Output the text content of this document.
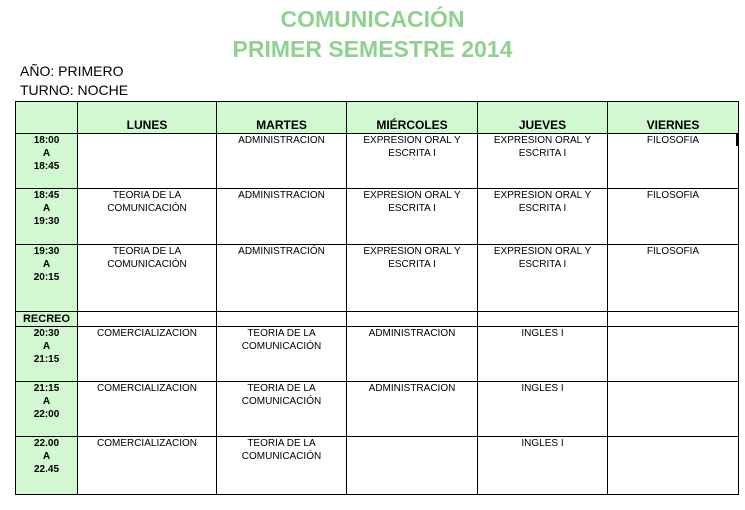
COMUNICACIÓN
PRIMER SEMESTRE 2014

AÑO: PRIMERO

TURNO: NOCHE

	LUNES	MARTES	MIÉRCOLES	JUEVES	VIERNES

18:00
A
18:45		ADMINISTRACION	EXPRESION ORAL Y ESCRITA I	EXPRESION ORAL Y ESCRITA I	FILOSOFIA

18:45
A
19:30	TEORIA DE LA COMUNICACIÓN	ADMINISTRACION	EXPRESION ORAL Y ESCRITA I	EXPRESION ORAL Y ESCRITA I	FILOSOFIA

19:30
A
20:15	TEORIA DE LA COMUNICACIÓN	ADMINISTRACIÓN	EXPRESION ORAL Y ESCRITA I	EXPRESION ORAL Y ESCRITA I	FILOSOFIA

RECREO					

20:30
A
21:15	COMERCIALIZACION	TEORIA DE LA COMUNICACIÓN	ADMINISTRACION	INGLES I	

21:15
A
22:00	COMERCIALIZACION	TEORIA DE LA COMUNICACIÓN	ADMINISTRACION	INGLES I	

22.00
A
22.45	COMERCIALIZACION	TEORIA DE LA COMUNICACIÓN		INGLES I	
